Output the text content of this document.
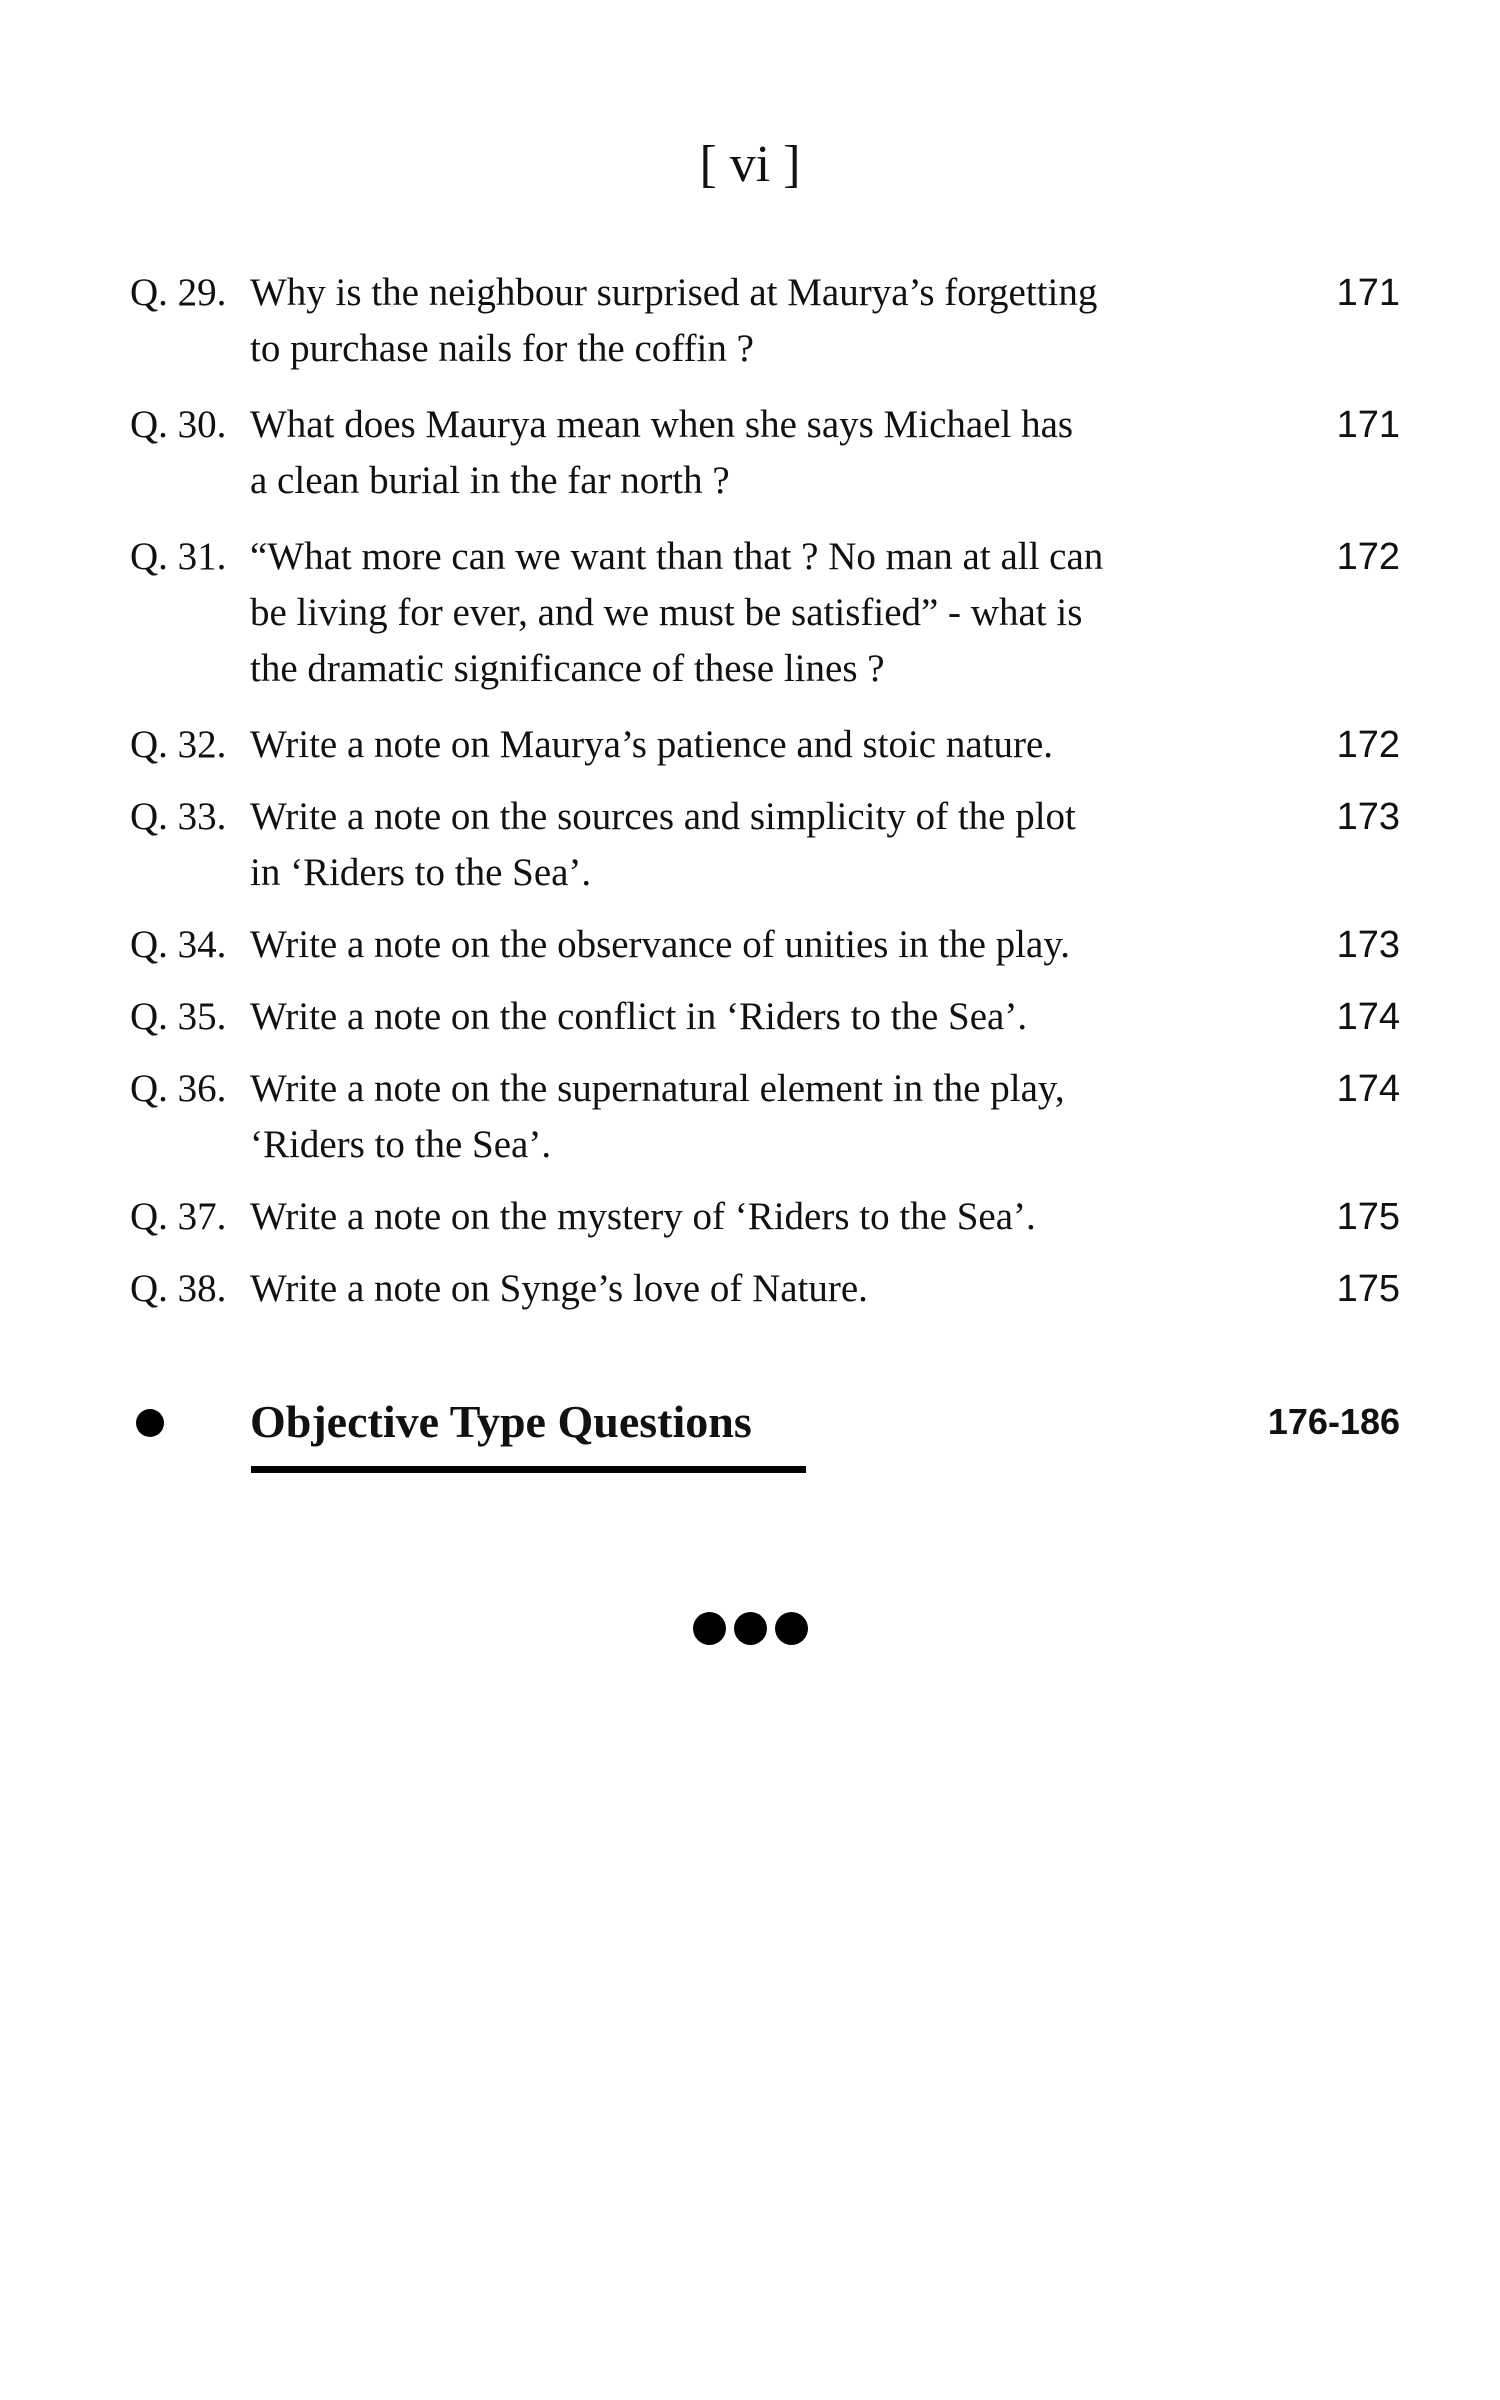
[ vi ]
Q. 29. Why is the neighbour surprised at Maurya’s forgetting
to purchase nails for the coffin ?
171
Q. 30. What does Maurya mean when she says Michael has
a clean burial in the far north ?
171
Q. 31. “What more can we want than that ? No man at all can
be living for ever, and we must be satisfied” - what is
the dramatic significance of these lines ?
172
Q. 32. Write a note on Maurya’s patience and stoic nature.	172
Q. 33. Write a note on the sources and simplicity of the plot
in ‘Riders to the Sea’.
173
Q. 34. Write a note on the observance of unities in the play.	173
Q. 35. Write a note on the conflict in ‘Riders to the Sea’.	174
Q. 36. Write a note on the supernatural element in the play,
‘Riders to the Sea’.
174
Q. 37. Write a note on the mystery of ‘Riders to the Sea’.	175
Q. 38. Write a note on Synge’s love of Nature.	175
Objective Type Questions	176-186
